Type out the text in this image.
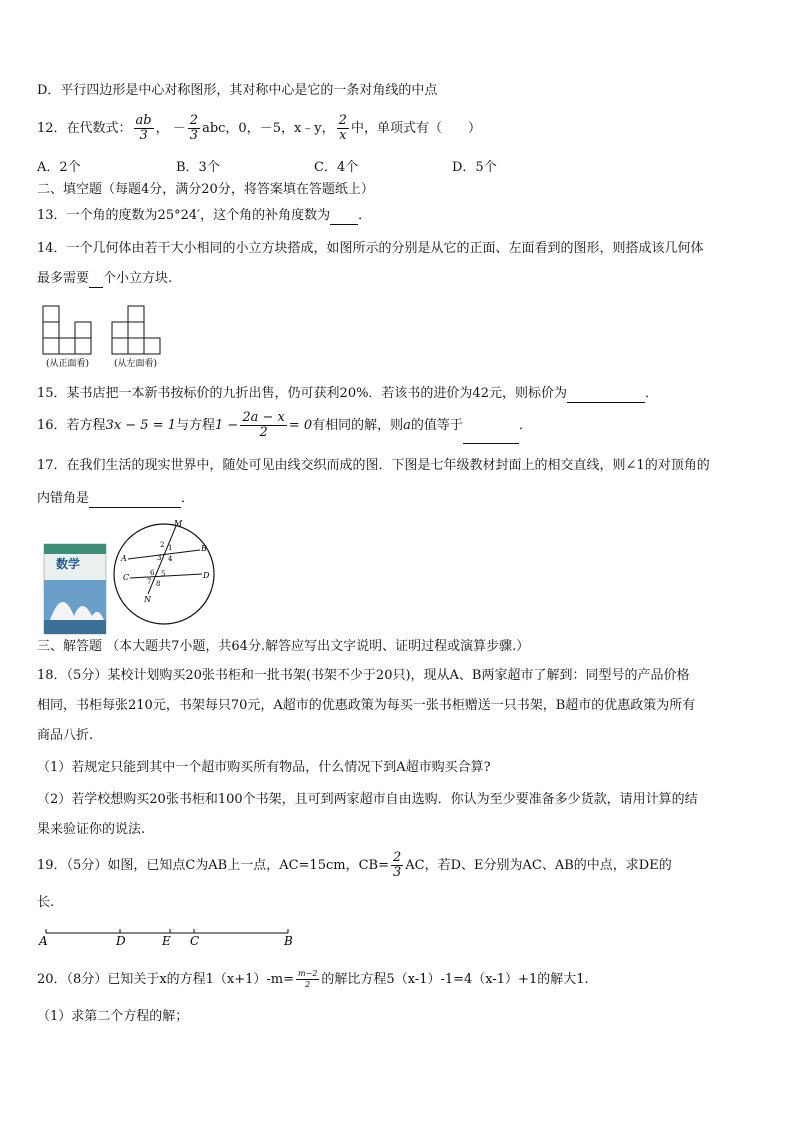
D．平行四边形是中心对称图形，其对称中心是它的一条对角线的中点
12．在代数式： $\frac{ab}{3}$ ， － $\frac{2}{3}$ abc，0，－5，x﹣y， $\frac{2}{x}$ 中，单项式有（　　）
A．2个	B．3个	C．4个	D．5个
二、填空题（每题4分，满分20分，将答案填在答题纸上）
13．一个角的度数为25°24′，这个角的补角度数为 ．
14．一个几何体由若干大小相同的小立方块搭成，如图所示的分别是从它的正面、左面看到的图形，则搭成该几何体
最多需要 个小立方块.
(从正面看)	(从左面看)
15．某书店把一本新书按标价的九折出售，仍可获利20%．若该书的进价为42元，则标价为	．
16．若方程3x − 5 = 1与方程$1 - \frac{2a - x}{2} = 0$有相同的解，则a的值等于	．
17．在我们生活的现实世界中，随处可见由线交织而成的图．下图是七年级教材封面上的相交直线，则∠1的对顶角的
内错角是	．
数学
M
N
A
B
C	D
1
2
3 4
5
6
7 8
三、解答题 （本大题共7小题，共64分.解答应写出文字说明、证明过程或演算步骤.）
18．（5分）某校计划购买20张书柜和一批书架(书架不少于20只)，现从A、B两家超市了解到：同型号的产品价格
相同，书柜每张210元，书架每只70元，A超市的优惠政策为每买一张书柜赠送一只书架，B超市的优惠政策为所有
商品八折.
（1）若规定只能到其中一个超市购买所有物品，什么情况下到A超市购买合算?
（2）若学校想购买20张书柜和100个书架，且可到两家超市自由选购．你认为至少要准备多少货款，请用计算的结
果来验证你的说法.
19．（5分）如图，已知点C为AB上一点，AC=15cm，$CB= \frac{2}{3}$ AC，若D、E分别为AC、AB的中点，求DE的
长.
A	D	E C	B
20．（8分）已知关于x的方程$1(x+1)-m= \frac{m-2}{2}$ 的解比方程5（x-1）-1=4（x-1）+1的解大1.
（1）求第二个方程的解；
